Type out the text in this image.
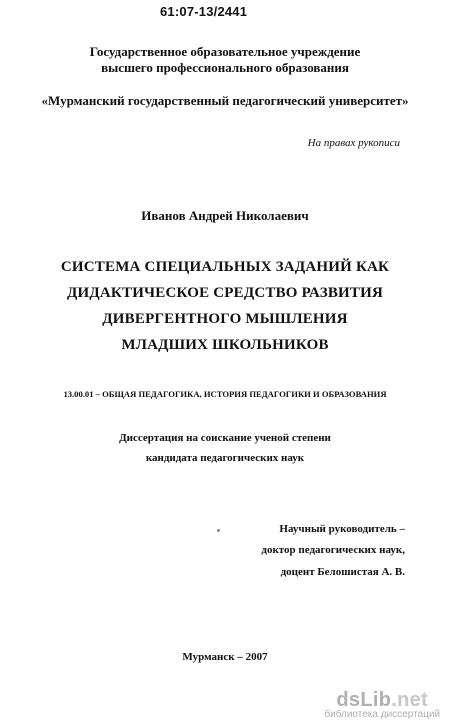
61:07-13/2441
Государственное образовательное учреждение
высшего профессионального образования
«Мурманский государственный педагогический университет»
На правах рукописи
Иванов Андрей Николаевич
СИСТЕМА СПЕЦИАЛЬНЫХ ЗАДАНИЙ КАК
ДИДАКТИЧЕСКОЕ СРЕДСТВО РАЗВИТИЯ
ДИВЕРГЕНТНОГО МЫШЛЕНИЯ
МЛАДШИХ ШКОЛЬНИКОВ
13.00.01 – ОБЩАЯ ПЕДАГОГИКА, ИСТОРИЯ ПЕДАГОГИКИ И ОБРАЗОВАНИЯ
Диссертация на соискание ученой степени
кандидата педагогических наук
Научный руководитель –
доктор педагогических наук,
доцент Белошистая А. В.
Мурманск – 2007
dsLib.net
библиотека диссертаций
